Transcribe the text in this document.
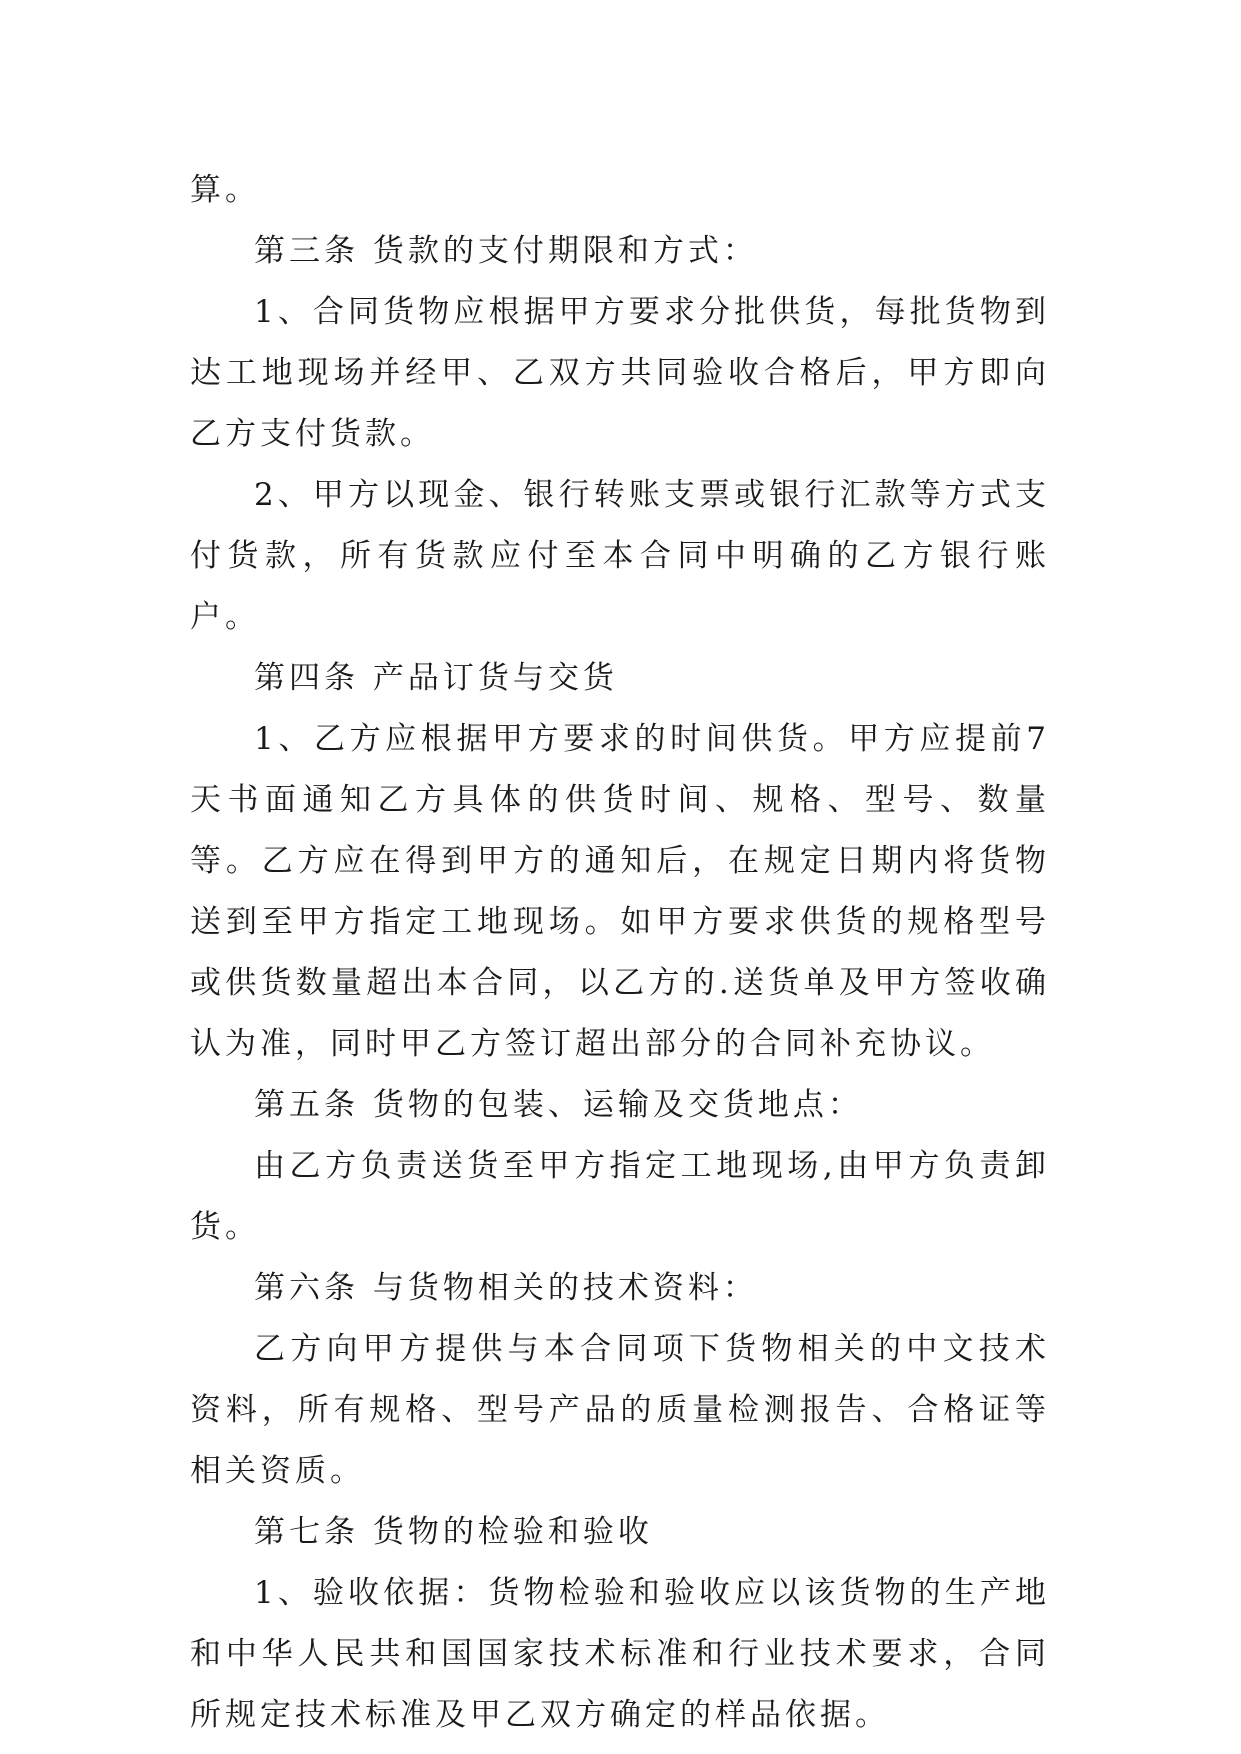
算。

第三条 货款的支付期限和方式：

1、合同货物应根据甲方要求分批供货，每批货物到达工地现场并经甲、乙双方共同验收合格后，甲方即向乙方支付货款。

2、甲方以现金、银行转账支票或银行汇款等方式支付货款，所有货款应付至本合同中明确的乙方银行账户。

第四条 产品订货与交货

1、乙方应根据甲方要求的时间供货。甲方应提前7天书面通知乙方具体的供货时间、规格、型号、数量等。乙方应在得到甲方的通知后，在规定日期内将货物送到至甲方指定工地现场。如甲方要求供货的规格型号或供货数量超出本合同，以乙方的.送货单及甲方签收确认为准，同时甲乙方签订超出部分的合同补充协议。

第五条 货物的包装、运输及交货地点：

由乙方负责送货至甲方指定工地现场,由甲方负责卸货。

第六条 与货物相关的技术资料：

乙方向甲方提供与本合同项下货物相关的中文技术资料，所有规格、型号产品的质量检测报告、合格证等相关资质。

第七条 货物的检验和验收

1、验收依据：货物检验和验收应以该货物的生产地和中华人民共和国国家技术标准和行业技术要求，合同所规定技术标准及甲乙双方确定的样品依据。
